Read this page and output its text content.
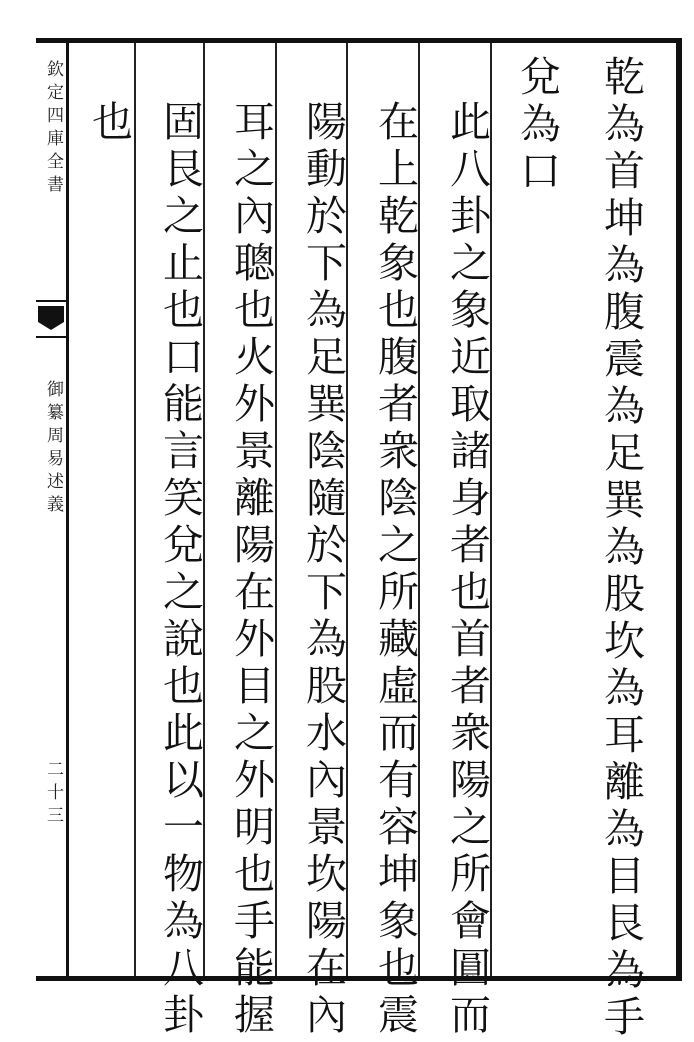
欽定四庫全書
御纂周易述義
二十三	乾為首坤為腹震為足巽為股坎為耳離為目艮為手
兌為口
此八卦之象近取諸身者也首者衆陽之所會圓而
在上乾象也腹者衆陰之所藏虛而有容坤象也震
陽動於下為足巽陰隨於下為股水內景坎陽在內
耳之內聰也火外景離陽在外目之外明也手能握
固艮之止也口能言笑兌之說也此以一物為八卦
也
